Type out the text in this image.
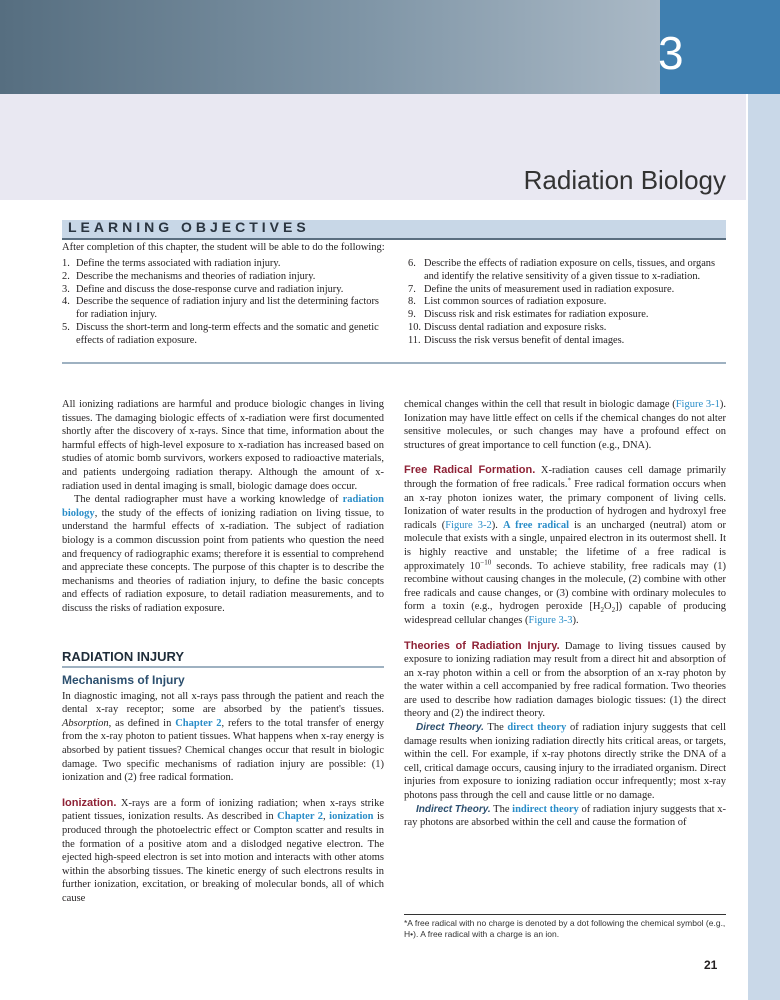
3
Radiation Biology
LEARNING OBJECTIVES
After completion of this chapter, the student will be able to do the following:
1. Define the terms associated with radiation injury.
2. Describe the mechanisms and theories of radiation injury.
3. Define and discuss the dose-response curve and radiation injury.
4. Describe the sequence of radiation injury and list the determining factors for radiation injury.
5. Discuss the short-term and long-term effects and the somatic and genetic effects of radiation exposure.
6. Describe the effects of radiation exposure on cells, tissues, and organs and identify the relative sensitivity of a given tissue to x-radiation.
7. Define the units of measurement used in radiation exposure.
8. List common sources of radiation exposure.
9. Discuss risk and risk estimates for radiation exposure.
10. Discuss dental radiation and exposure risks.
11. Discuss the risk versus benefit of dental images.

All ionizing radiations are harmful and produce biologic changes in living tissues. The damaging biologic effects of x-radiation were first documented shortly after the discovery of x-rays. Since that time, information about the harmful effects of high-level exposure to x-radiation has increased based on studies of atomic bomb survivors, workers exposed to radioactive materials, and patients undergoing radiation therapy. Although the amount of x-radiation used in dental imaging is small, biologic damage does occur.

The dental radiographer must have a working knowledge of radiation biology, the study of the effects of ionizing radiation on living tissue, to understand the harmful effects of x-radiation. The subject of radiation biology is a common discussion point from patients who question the need and frequency of radiographic exams; therefore it is essential to comprehend and appreciate these concepts. The purpose of this chapter is to describe the mechanisms and theories of radiation injury, to define the basic concepts and effects of radiation exposure, to detail radiation measurements, and to discuss the risks of radiation exposure.

RADIATION INJURY
Mechanisms of Injury

In diagnostic imaging, not all x-rays pass through the patient and reach the dental x-ray receptor; some are absorbed by the patient's tissues. Absorption, as defined in Chapter 2, refers to the total transfer of energy from the x-ray photon to patient tissues. What happens when x-ray energy is absorbed by patient tissues? Chemical changes occur that result in biologic damage. Two specific mechanisms of radiation injury are possible: (1) ionization and (2) free radical formation.

Ionization. X-rays are a form of ionizing radiation; when x-rays strike patient tissues, ionization results. As described in Chapter 2, ionization is produced through the photoelectric effect or Compton scatter and results in the formation of a positive atom and a dislodged negative electron. The ejected high-speed electron is set into motion and interacts with other atoms within the absorbing tissues. The kinetic energy of such electrons results in further ionization, excitation, or breaking of molecular bonds, all of which cause

chemical changes within the cell that result in biologic damage (Figure 3-1). Ionization may have little effect on cells if the chemical changes do not alter sensitive molecules, or such changes may have a profound effect on structures of great importance to cell function (e.g., DNA).

Free Radical Formation. X-radiation causes cell damage primarily through the formation of free radicals.* Free radical formation occurs when an x-ray photon ionizes water, the primary component of living cells. Ionization of water results in the production of hydrogen and hydroxyl free radicals (Figure 3-2). A free radical is an uncharged (neutral) atom or molecule that exists with a single, unpaired electron in its outermost shell. It is highly reactive and unstable; the lifetime of a free radical is approximately $10^{-10}$ seconds. To achieve stability, free radicals may (1) recombine without causing changes in the molecule, (2) combine with other free radicals and cause changes, or (3) combine with ordinary molecules to form a toxin (e.g., hydrogen peroxide $[H_2O_2]$) capable of producing widespread cellular changes (Figure 3-3).

Theories of Radiation Injury. Damage to living tissues caused by exposure to ionizing radiation may result from a direct hit and absorption of an x-ray photon within a cell or from the absorption of an x-ray photon by the water within a cell accompanied by free radical formation. Two theories are used to describe how radiation damages biologic tissues: (1) the direct theory and (2) the indirect theory.

Direct Theory. The direct theory of radiation injury suggests that cell damage results when ionizing radiation directly hits critical areas, or targets, within the cell. For example, if x-ray photons directly strike the DNA of a cell, critical damage occurs, causing injury to the irradiated organism. Direct injuries from exposure to ionizing radiation occur infrequently; most x-ray photons pass through the cell and cause little or no damage.

Indirect Theory. The indirect theory of radiation injury suggests that x-ray photons are absorbed within the cell and cause the formation of

*A free radical with no charge is denoted by a dot following the chemical symbol (e.g., H•). A free radical with a charge is an ion.
21
